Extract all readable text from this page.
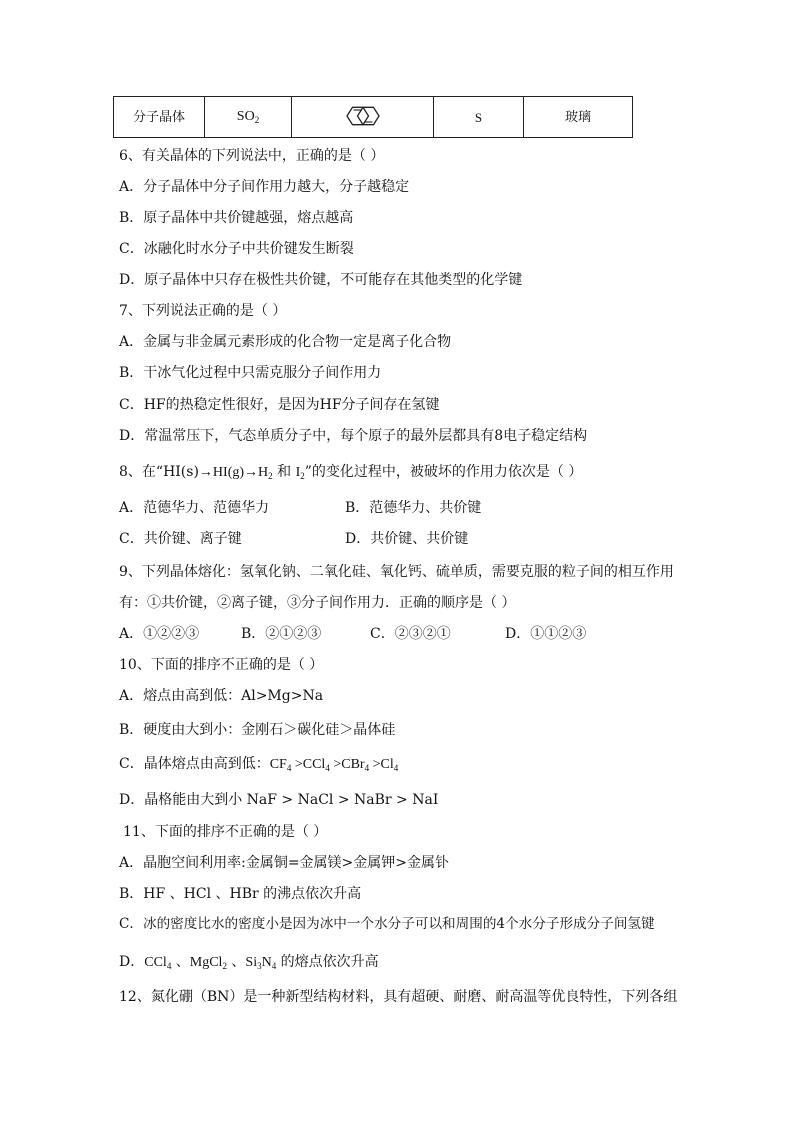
分子晶体	$SO_2$		S	玻璃
6、有关晶体的下列说法中，正确的是（ ）
A．分子晶体中分子间作用力越大，分子越稳定
B．原子晶体中共价键越强，熔点越高
C．冰融化时水分子中共价键发生断裂
D．原子晶体中只存在极性共价键，不可能存在其他类型的化学键
7、下列说法正确的是（ ）
A．金属与非金属元素形成的化合物一定是离子化合物
B．干冰气化过程中只需克服分子间作用力
C．HF的热稳定性很好，是因为HF分子间存在氢键
D．常温常压下，气态单质分子中，每个原子的最外层都具有8电子稳定结构
8、在“$HI(s)\to HI(g)\to H_2$ 和 $I_2$”的变化过程中，被破坏的作用力依次是（ ）
A．范德华力、范德华力	B．范德华力、共价键
C．共价键、离子键	D．共价键、共价键
9、下列晶体熔化：氢氧化钠、二氧化硅、氧化钙、硫单质，需要克服的粒子间的相互作用
有：①共价键，②离子键，③分子间作用力．正确的顺序是（ ）
A．①②②③	B．②①②③	C．②③②①	D．①①②③
10、下面的排序不正确的是（ ）
A．熔点由高到低：Al>Mg>Na
B．硬度由大到小：金刚石＞碳化硅＞晶体硅
C．晶体熔点由高到低：$CF_4 >CCl_4 >CBr_4 >Cl_4$
D．晶格能由大到小 NaF > NaCl > NaBr > NaI
11、下面的排序不正确的是（ ）
A．晶胞空间利用率:金属铜=金属镁>金属钾>金属钋
B．HF 、HCl 、HBr 的沸点依次升高
C．冰的密度比水的密度小是因为冰中一个水分子可以和周围的4个水分子形成分子间氢键
D．CCl$_4$ 、MgCl$_2$ 、$Si_3N_4$ 的熔点依次升高
12、氮化硼（BN）是一种新型结构材料，具有超硬、耐磨、耐高温等优良特性，下列各组
